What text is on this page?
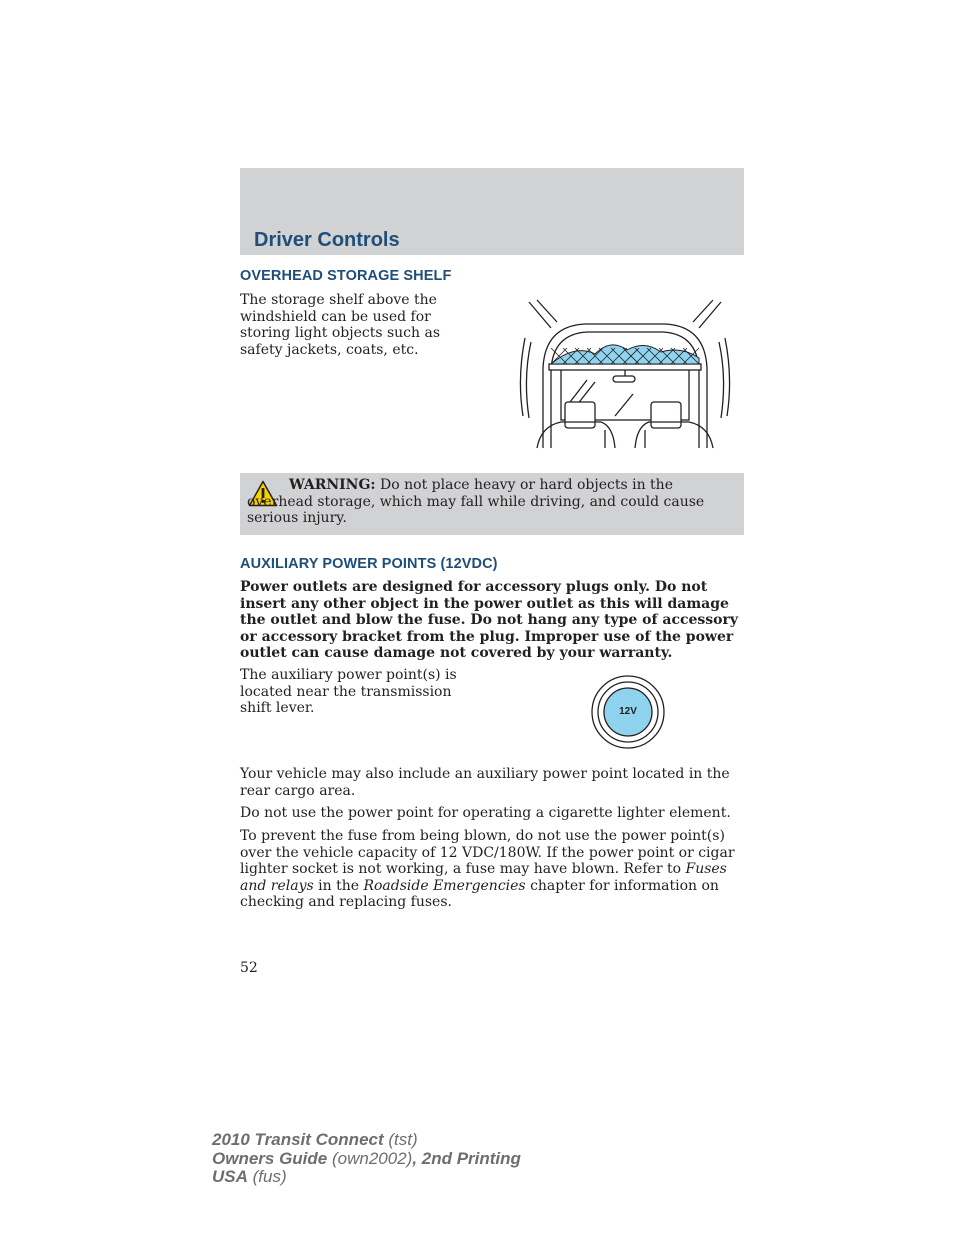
Driver Controls
OVERHEAD STORAGE SHELF
The storage shelf above the windshield can be used for storing light objects such as safety jackets, coats, etc.
WARNING: Do not place heavy or hard objects in the overhead storage, which may fall while driving, and could cause serious injury.
AUXILIARY POWER POINTS (12VDC)
Power outlets are designed for accessory plugs only. Do not insert any other object in the power outlet as this will damage the outlet and blow the fuse. Do not hang any type of accessory or accessory bracket from the plug. Improper use of the power outlet can cause damage not covered by your warranty.
The auxiliary power point(s) is located near the transmission shift lever.	12V
Your vehicle may also include an auxiliary power point located in the rear cargo area.
Do not use the power point for operating a cigarette lighter element.
To prevent the fuse from being blown, do not use the power point(s) over the vehicle capacity of 12 VDC/180W. If the power point or cigar lighter socket is not working, a fuse may have blown. Refer to Fuses and relays in the Roadside Emergencies chapter for information on checking and replacing fuses.
52
2010 Transit Connect (tst)
Owners Guide (own2002), 2nd Printing
USA (fus)
